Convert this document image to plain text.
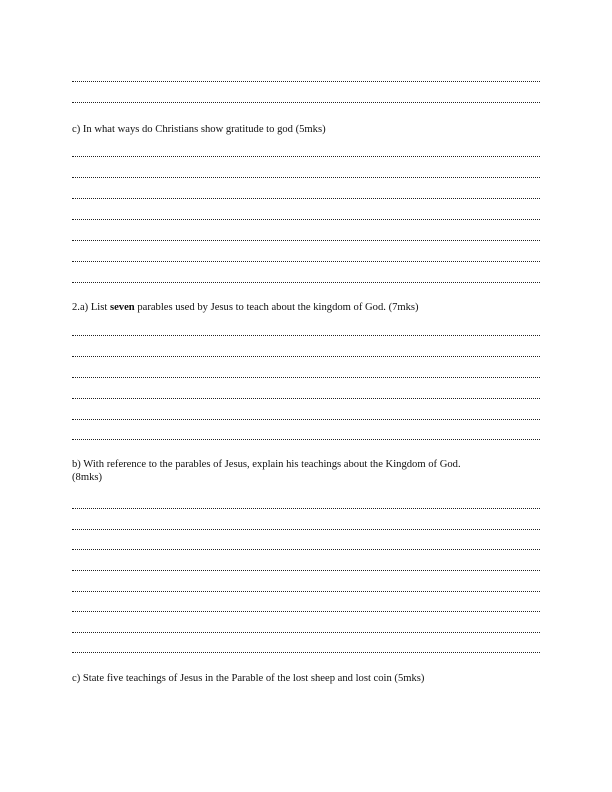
c) In what ways do Christians show gratitude to god (5mks)
2.a) List seven parables used by Jesus to teach about the kingdom of God. (7mks)
b) With reference to the parables of Jesus, explain his teachings about the Kingdom of God.
(8mks)
c) State five teachings of Jesus in the Parable of the lost sheep and lost coin (5mks)
